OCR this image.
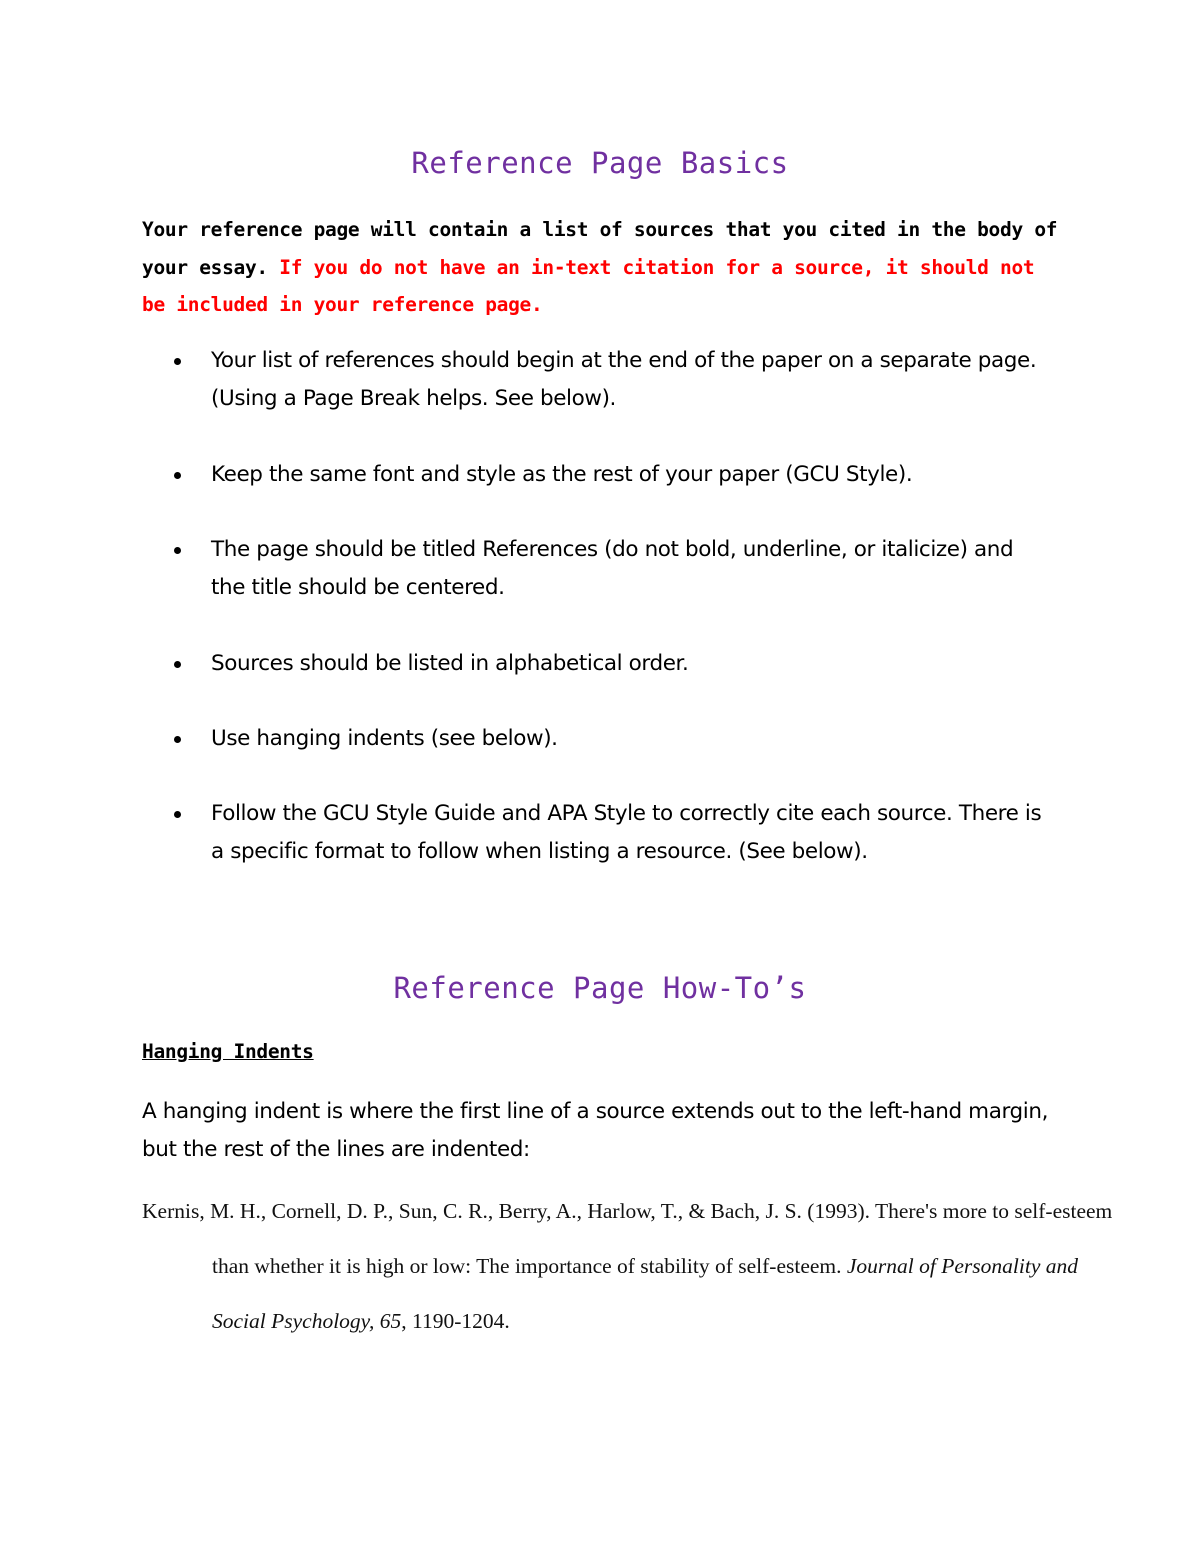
Reference Page Basics
Your reference page will contain a list of sources that you cited in the body of your essay. If you do not have an in-text citation for a source, it should not be included in your reference page.
Your list of references should begin at the end of the paper on a separate page. (Using a Page Break helps. See below).
Keep the same font and style as the rest of your paper (GCU Style).
The page should be titled References (do not bold, underline, or italicize) and the title should be centered.
Sources should be listed in alphabetical order.
Use hanging indents (see below).
Follow the GCU Style Guide and APA Style to correctly cite each source. There is a specific format to follow when listing a resource. (See below).
Reference Page How-To’s
Hanging Indents
A hanging indent is where the first line of a source extends out to the left-hand margin, but the rest of the lines are indented:
Kernis, M. H., Cornell, D. P., Sun, C. R., Berry, A., Harlow, T., & Bach, J. S. (1993). There's more to self-esteem than whether it is high or low: The importance of stability of self-esteem. Journal of Personality and Social Psychology, 65, 1190-1204.
